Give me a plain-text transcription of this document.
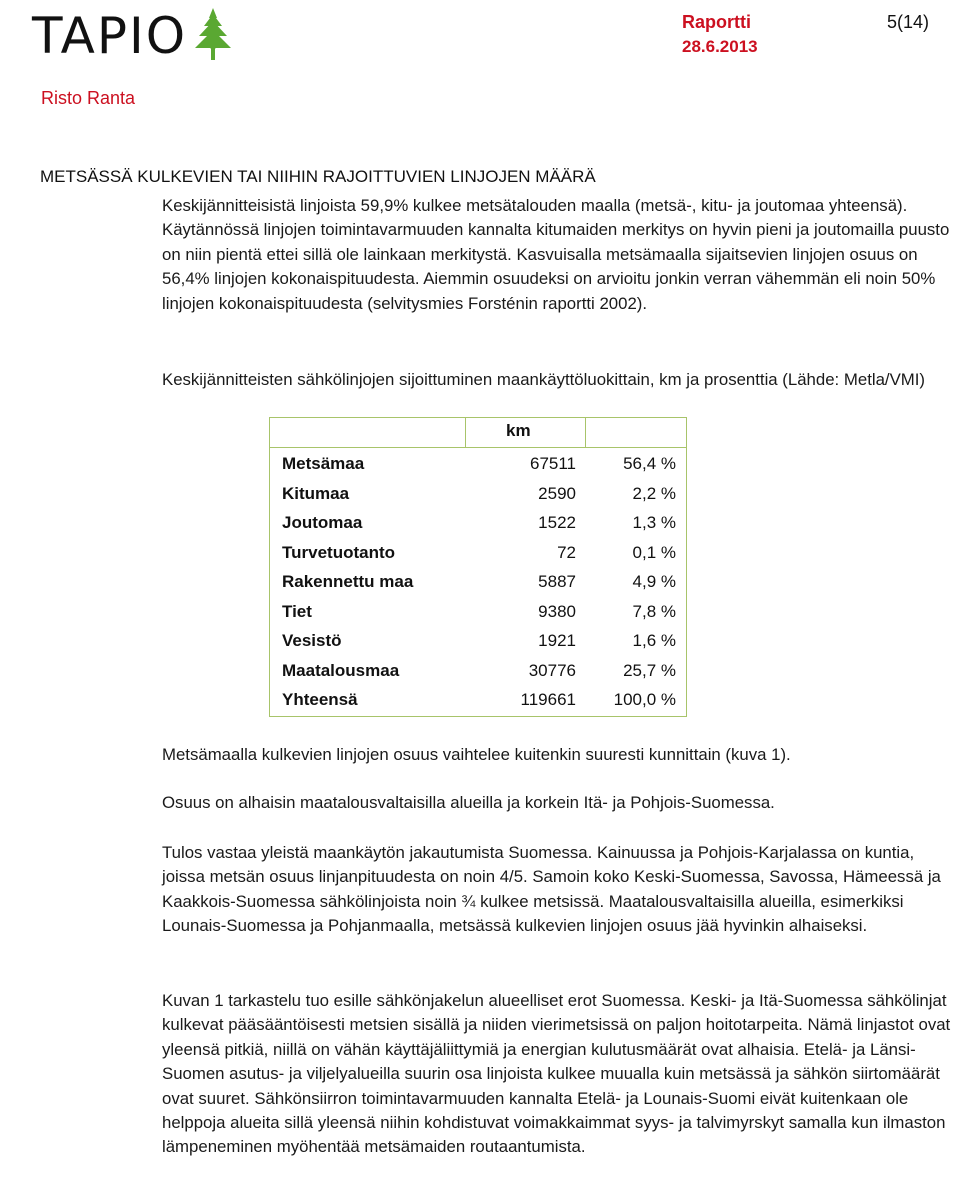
TAPIO	Raportti
28.6.2013
5(14)
Risto Ranta
METSÄSSÄ KULKEVIEN TAI NIIHIN RAJOITTUVIEN LINJOJEN MÄÄRÄ
Keskijännitteisistä linjoista 59,9% kulkee metsätalouden maalla (metsä-, kitu- ja joutomaa yhteensä). Käytännössä linjojen toimintavarmuuden kannalta kitumaiden merkitys on hyvin pieni ja joutomailla puusto on niin pientä ettei sillä ole lainkaan merkitystä. Kasvuisalla metsämaalla sijaitsevien linjojen osuus on 56,4% linjojen kokonaispituudesta. Aiemmin osuudeksi on arvioitu jonkin verran vähemmän eli noin 50% linjojen kokonaispituudesta (selvitysmies Forsténin raportti 2002).
Keskijännitteisten sähkölinjojen sijoittuminen maankäyttöluokittain, km ja prosenttia (Lähde: Metla/VMI)
km
Metsämaa	67511	56,4 %
Kitumaa	2590	2,2 %
Joutomaa	1522	1,3 %
Turvetuotanto	72	0,1 %
Rakennettu maa	5887	4,9 %
Tiet	9380	7,8 %
Vesistö	1921	1,6 %
Maatalousmaa	30776	25,7 %
Yhteensä	119661 100,0 %
Metsämaalla kulkevien linjojen osuus vaihtelee kuitenkin suuresti kunnittain (kuva 1).
Osuus on alhaisin maatalousvaltaisilla alueilla ja korkein Itä- ja Pohjois-Suomessa.
Tulos vastaa yleistä maankäytön jakautumista Suomessa. Kainuussa ja Pohjois-Karjalassa on kuntia, joissa metsän osuus linjanpituudesta on noin 4/5. Samoin koko Keski-Suomessa, Savossa, Hämeessä ja Kaakkois-Suomessa sähkölinjoista noin ¾ kulkee metsissä. Maatalousvaltaisilla alueilla, esimerkiksi Lounais-Suomessa ja Pohjanmaalla, metsässä kulkevien linjojen osuus jää hyvinkin alhaiseksi.
Kuvan 1 tarkastelu tuo esille sähkönjakelun alueelliset erot Suomessa. Keski- ja Itä-Suomessa sähkölinjat kulkevat pääsääntöisesti metsien sisällä ja niiden vierimetsissä on paljon hoitotarpeita. Nämä linjastot ovat yleensä pitkiä, niillä on vähän käyttäjäliittymiä ja energian kulutusmäärät ovat alhaisia. Etelä- ja Länsi-Suomen asutus- ja viljelyalueilla suurin osa linjoista kulkee muualla kuin metsässä ja sähkön siirtomäärät ovat suuret. Sähkönsiirron toimintavarmuuden kannalta Etelä- ja Lounais-Suomi eivät kuitenkaan ole helppoja alueita sillä yleensä niihin kohdistuvat voimakkaimmat syys- ja talvimyrskyt samalla kun ilmaston lämpeneminen myöhentää metsämaiden routaantumista.
